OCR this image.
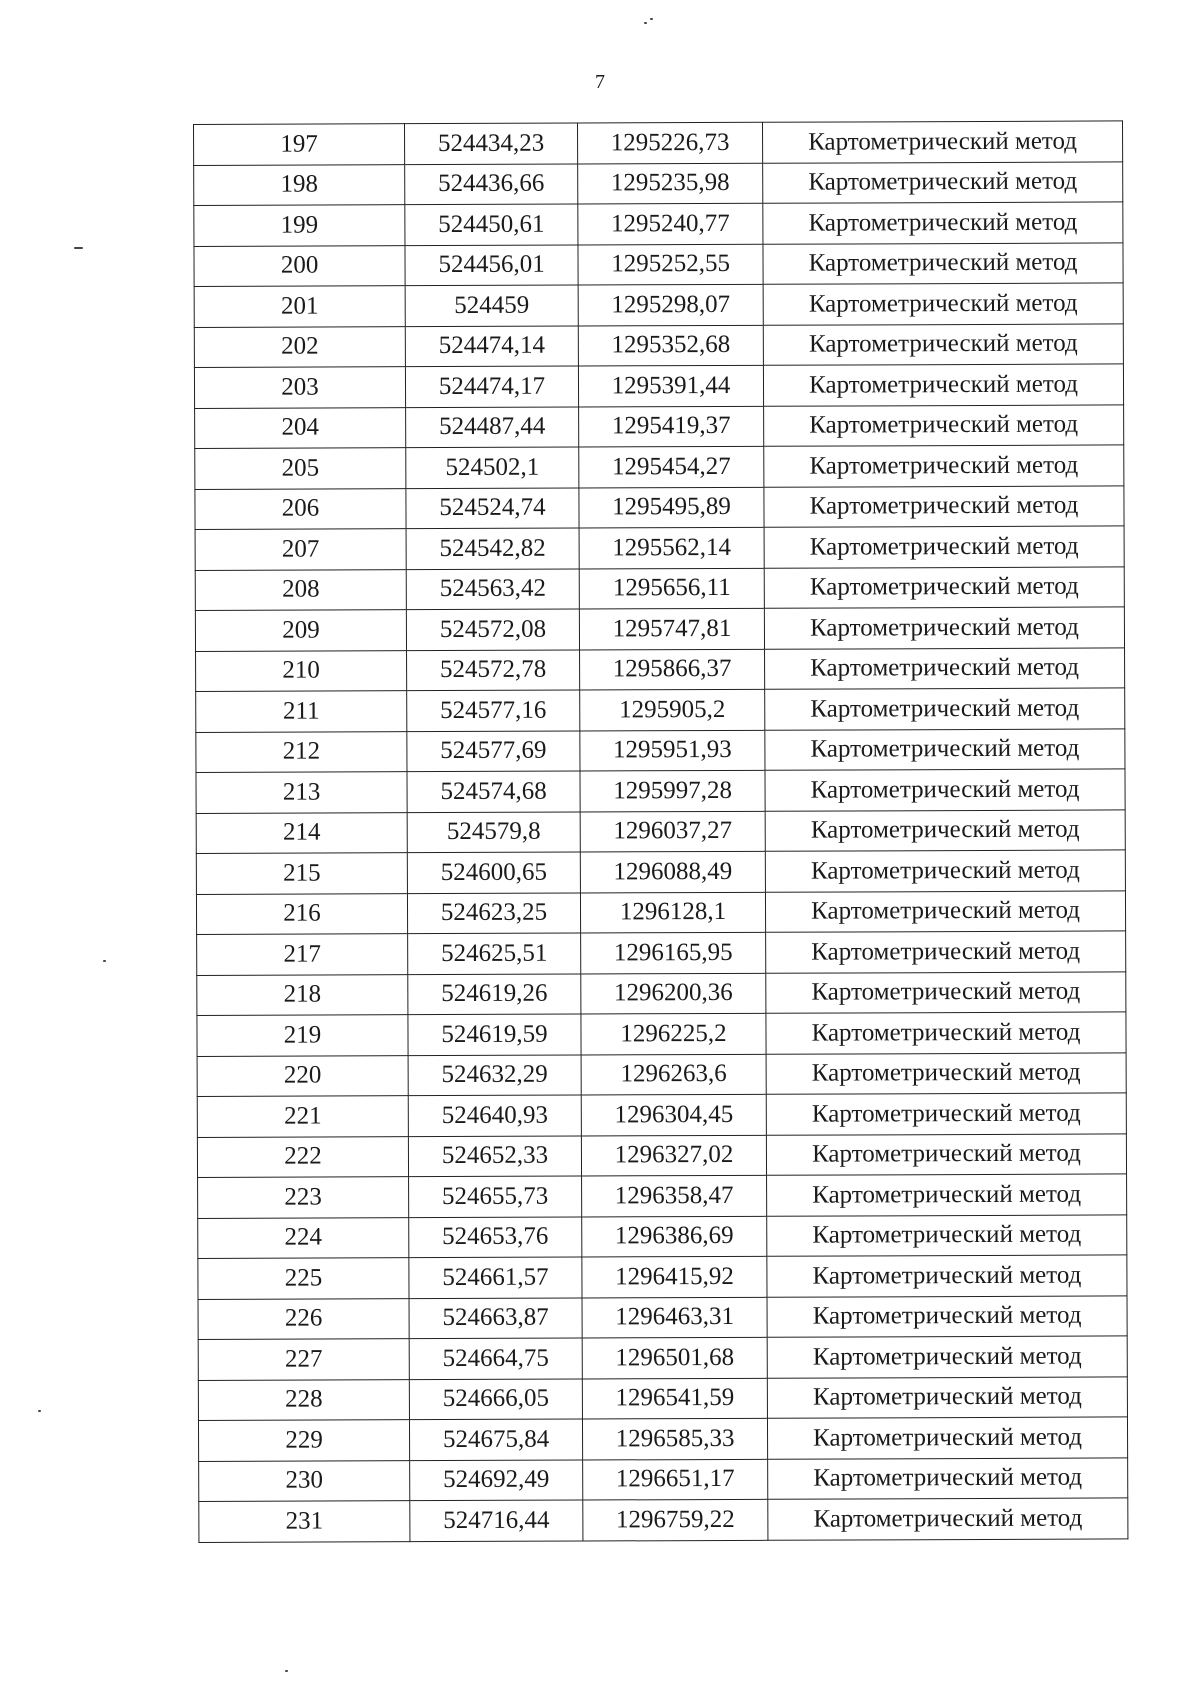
7
197	524434,23	1295226,73	Картометрический метод
198	524436,66	1295235,98	Картометрический метод
199	524450,61	1295240,77	Картометрический метод
200	524456,01	1295252,55	Картометрический метод
201	524459	1295298,07	Картометрический метод
202	524474,14	1295352,68	Картометрический метод
203	524474,17	1295391,44	Картометрический метод
204	524487,44	1295419,37	Картометрический метод
205	524502,1	1295454,27	Картометрический метод
206	524524,74	1295495,89	Картометрический метод
207	524542,82	1295562,14	Картометрический метод
208	524563,42	1295656,11	Картометрический метод
209	524572,08	1295747,81	Картометрический метод
210	524572,78	1295866,37	Картометрический метод
211	524577,16	1295905,2	Картометрический метод
212	524577,69	1295951,93	Картометрический метод
213	524574,68	1295997,28	Картометрический метод
214	524579,8	1296037,27	Картометрический метод
215	524600,65	1296088,49	Картометрический метод
216	524623,25	1296128,1	Картометрический метод
217	524625,51	1296165,95	Картометрический метод
218	524619,26	1296200,36	Картометрический метод
219	524619,59	1296225,2	Картометрический метод
220	524632,29	1296263,6	Картометрический метод
221	524640,93	1296304,45	Картометрический метод
222	524652,33	1296327,02	Картометрический метод
223	524655,73	1296358,47	Картометрический метод
224	524653,76	1296386,69	Картометрический метод
225	524661,57	1296415,92	Картометрический метод
226	524663,87	1296463,31	Картометрический метод
227	524664,75	1296501,68	Картометрический метод
228	524666,05	1296541,59	Картометрический метод
229	524675,84	1296585,33	Картометрический метод
230	524692,49	1296651,17	Картометрический метод
231	524716,44	1296759,22	Картометрический метод
